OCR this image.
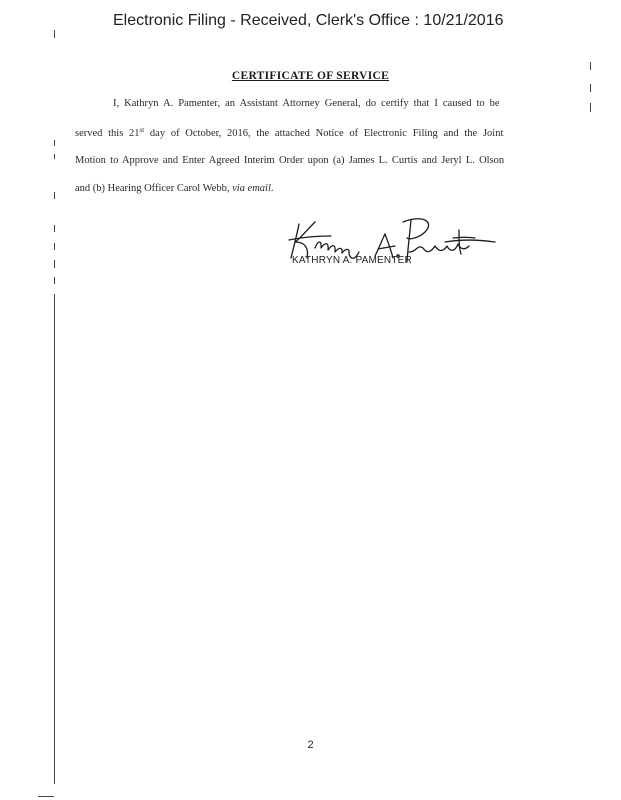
Electronic Filing - Received, Clerk's Office : 10/21/2016
CERTIFICATE OF SERVICE
I, Kathryn A. Pamenter, an Assistant Attorney General, do certify that I caused to be
served this 21st day of October, 2016, the attached Notice of Electronic Filing and the Joint
Motion to Approve and Enter Agreed Interim Order upon (a) James L. Curtis and Jeryl L. Olson
and (b) Hearing Officer Carol Webb, via email.
KATHRYN A. PAMENTER
2
